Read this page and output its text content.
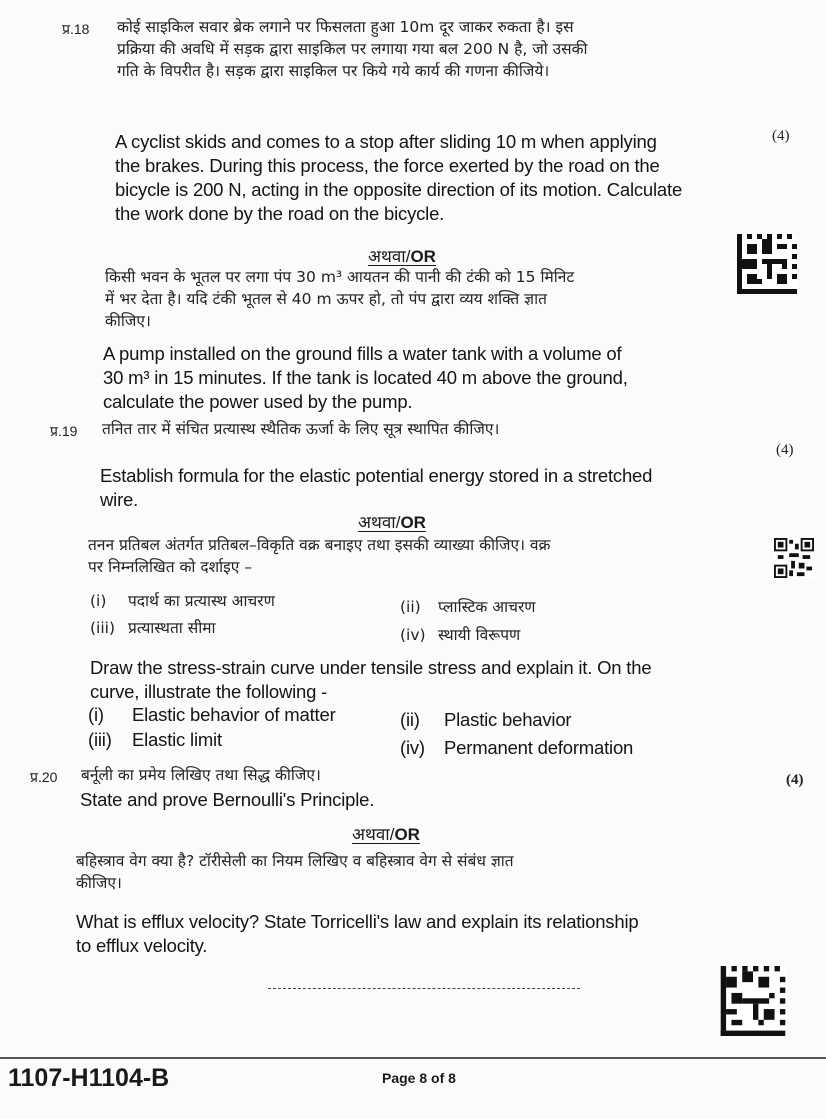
प्र.18 कोई साइकिल सवार ब्रेक लगाने पर फिसलता हुआ 10m दूर जाकर रुकता है। इस
प्रक्रिया की अवधि में सड़क द्वारा साइकिल पर लगाया गया बल 200 N है, जो उसकी
गति के विपरीत है। सड़क द्वारा साइकिल पर किये गये कार्य की गणना कीजिये।
(4)
A cyclist skids and comes to a stop after sliding 10 m when applying
the brakes. During this process, the force exerted by the road on the
bicycle is 200 N, acting in the opposite direction of its motion. Calculate
the work done by the road on the bicycle.
अथवा/OR
किसी भवन के भूतल पर लगा पंप 30 m³ आयतन की पानी की टंकी को 15 मिनिट
में भर देता है। यदि टंकी भूतल से 40 m ऊपर हो, तो पंप द्वारा व्यय शक्ति ज्ञात
कीजिए।
A pump installed on the ground fills a water tank with a volume of
30 m³ in 15 minutes. If the tank is located 40 m above the ground,
calculate the power used by the pump.
प्र.19 तनित तार में संचित प्रत्यास्थ स्थैतिक ऊर्जा के लिए सूत्र स्थापित कीजिए।
(4)
Establish formula for the elastic potential energy stored in a stretched
wire.
अथवा/OR
तनन प्रतिबल अंतर्गत प्रतिबल–विकृति वक्र बनाइए तथा इसकी व्याख्या कीजिए। वक्र
पर निम्नलिखित को दर्शाइए –
(i) पदार्थ का प्रत्यास्थ आचरण	(ii) प्लास्टिक आचरण
(iii) प्रत्यास्थता सीमा	(iv) स्थायी विरूपण
Draw the stress-strain curve under tensile stress and explain it. On the
curve, illustrate the following -
(i) Elastic behavior of matter	(ii) Plastic behavior
(iii) Elastic limit	(iv) Permanent deformation
प्र.20 बर्नूली का प्रमेय लिखिए तथा सिद्ध कीजिए।	(4)
State and prove Bernoulli's Principle.
अथवा/OR
बहिस्त्राव वेग क्या है? टॉरीसेली का नियम लिखिए व बहिस्त्राव वेग से संबंध ज्ञात
कीजिए।
What is efflux velocity? State Torricelli's law and explain its relationship
to efflux velocity.
1107-H1104-B	Page 8 of 8
